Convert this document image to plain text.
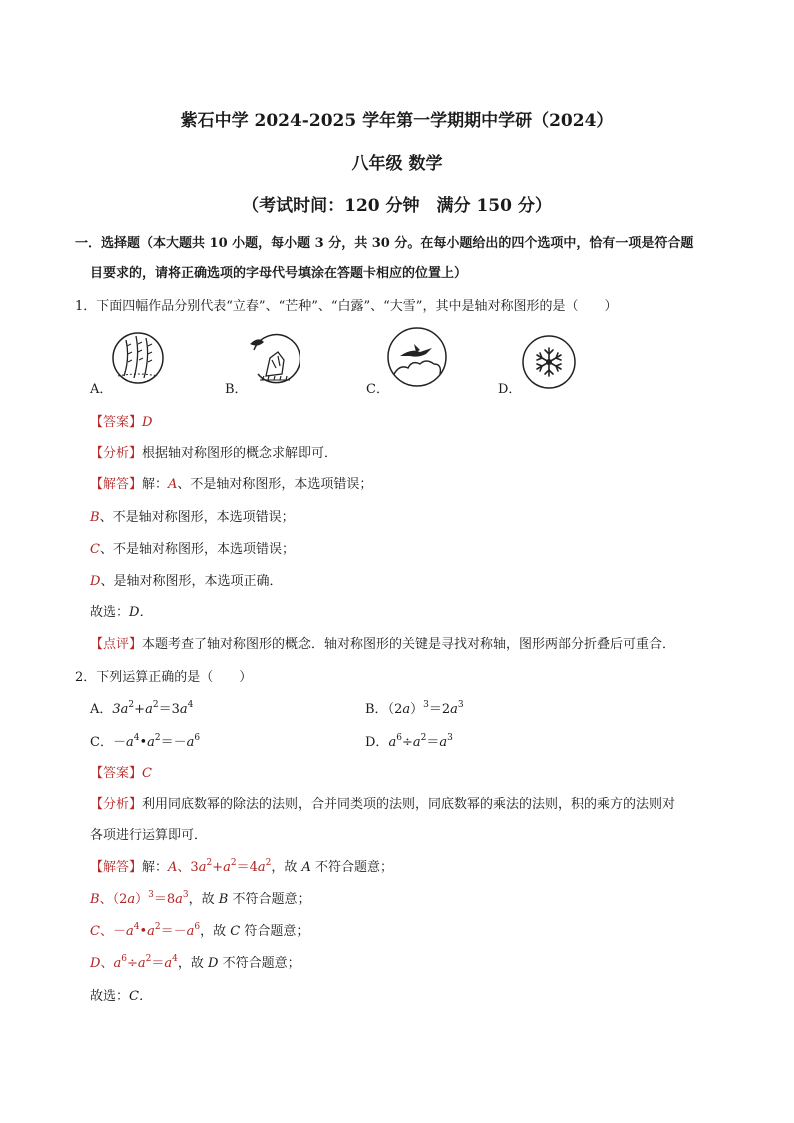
紫石中学 2024-2025 学年第一学期期中学研（2024）
八年级 数学
（考试时间：120 分钟　满分 150 分）
一．选择题（本大题共 10 小题，每小题 3 分，共 30 分。在每小题给出的四个选项中，恰有一项是符合题
目要求的，请将正确选项的字母代号填涂在答题卡相应的位置上）
1．下面四幅作品分别代表“立春”、“芒种”、“白露”、“大雪”，其中是轴对称图形的是（　　）
A．	B．	C．	D．
【答案】D
【分析】根据轴对称图形的概念求解即可．
【解答】解：A、不是轴对称图形，本选项错误；
B、不是轴对称图形，本选项错误；
C、不是轴对称图形，本选项错误；
D、是轴对称图形，本选项正确．
故选：D．
【点评】本题考查了轴对称图形的概念．轴对称图形的关键是寻找对称轴，图形两部分折叠后可重合．
2．下列运算正确的是（　　）
A．$3a^2+a^2=3a^4$	B．$(2a)^3=2a^3$
C．$-a^4•a^2=-a^6$	D．$a^6\div a^2=a^3$
【答案】C
【分析】利用同底数幂的除法的法则，合并同类项的法则，同底数幂的乘法的法则，积的乘方的法则对
各项进行运算即可．
【解答】解：A、$3a^2+a^2=4a^2$，故 A 不符合题意；
B、$(2a)^3=8a^3$，故 B 不符合题意；
C、$-a^4•a^2=-a^6$，故 C 符合题意；
D、$a^6\div a^2=a^4$，故 D 不符合题意；
故选：C．
